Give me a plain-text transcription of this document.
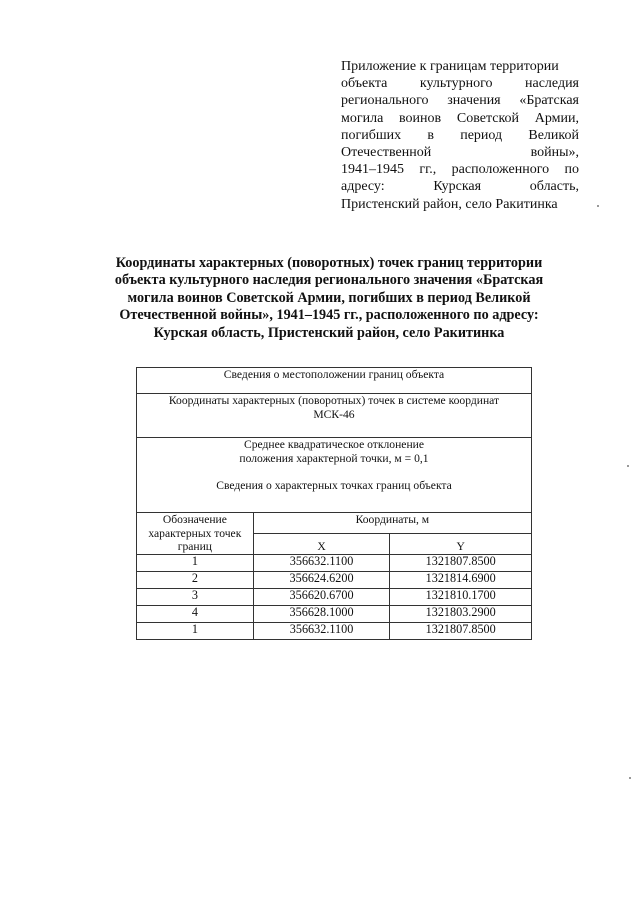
Приложение к границам территории
объекта культурного наследия
регионального значения «Братская
могила воинов Советской Армии,
погибших в период Великой
Отечественной войны»,
1941–1945 гг., расположенного по
адресу: Курская область,
Пристенский район, село Ракитинка
Координаты характерных (поворотных) точек границ территории
объекта культурного наследия регионального значения «Братская
могила воинов Советской Армии, погибших в период Великой
Отечественной войны», 1941–1945 гг., расположенного по адресу:
Курская область, Пристенский район, село Ракитинка
Сведения о местоположении границ объекта		
Координаты характерных (поворотных) точек в системе координат
МСК-46		
Среднее квадратическое отклонение
положения характерной точки, м = 0,1
Сведения о характерных точках границ объекта		
Обозначение характерных точек границ	Координаты, м	
	X	Y
1	356632.1100	1321807.8500
2	356624.6200	1321814.6900
3	356620.6700	1321810.1700
4	356628.1000	1321803.2900
1	356632.1100	1321807.8500
